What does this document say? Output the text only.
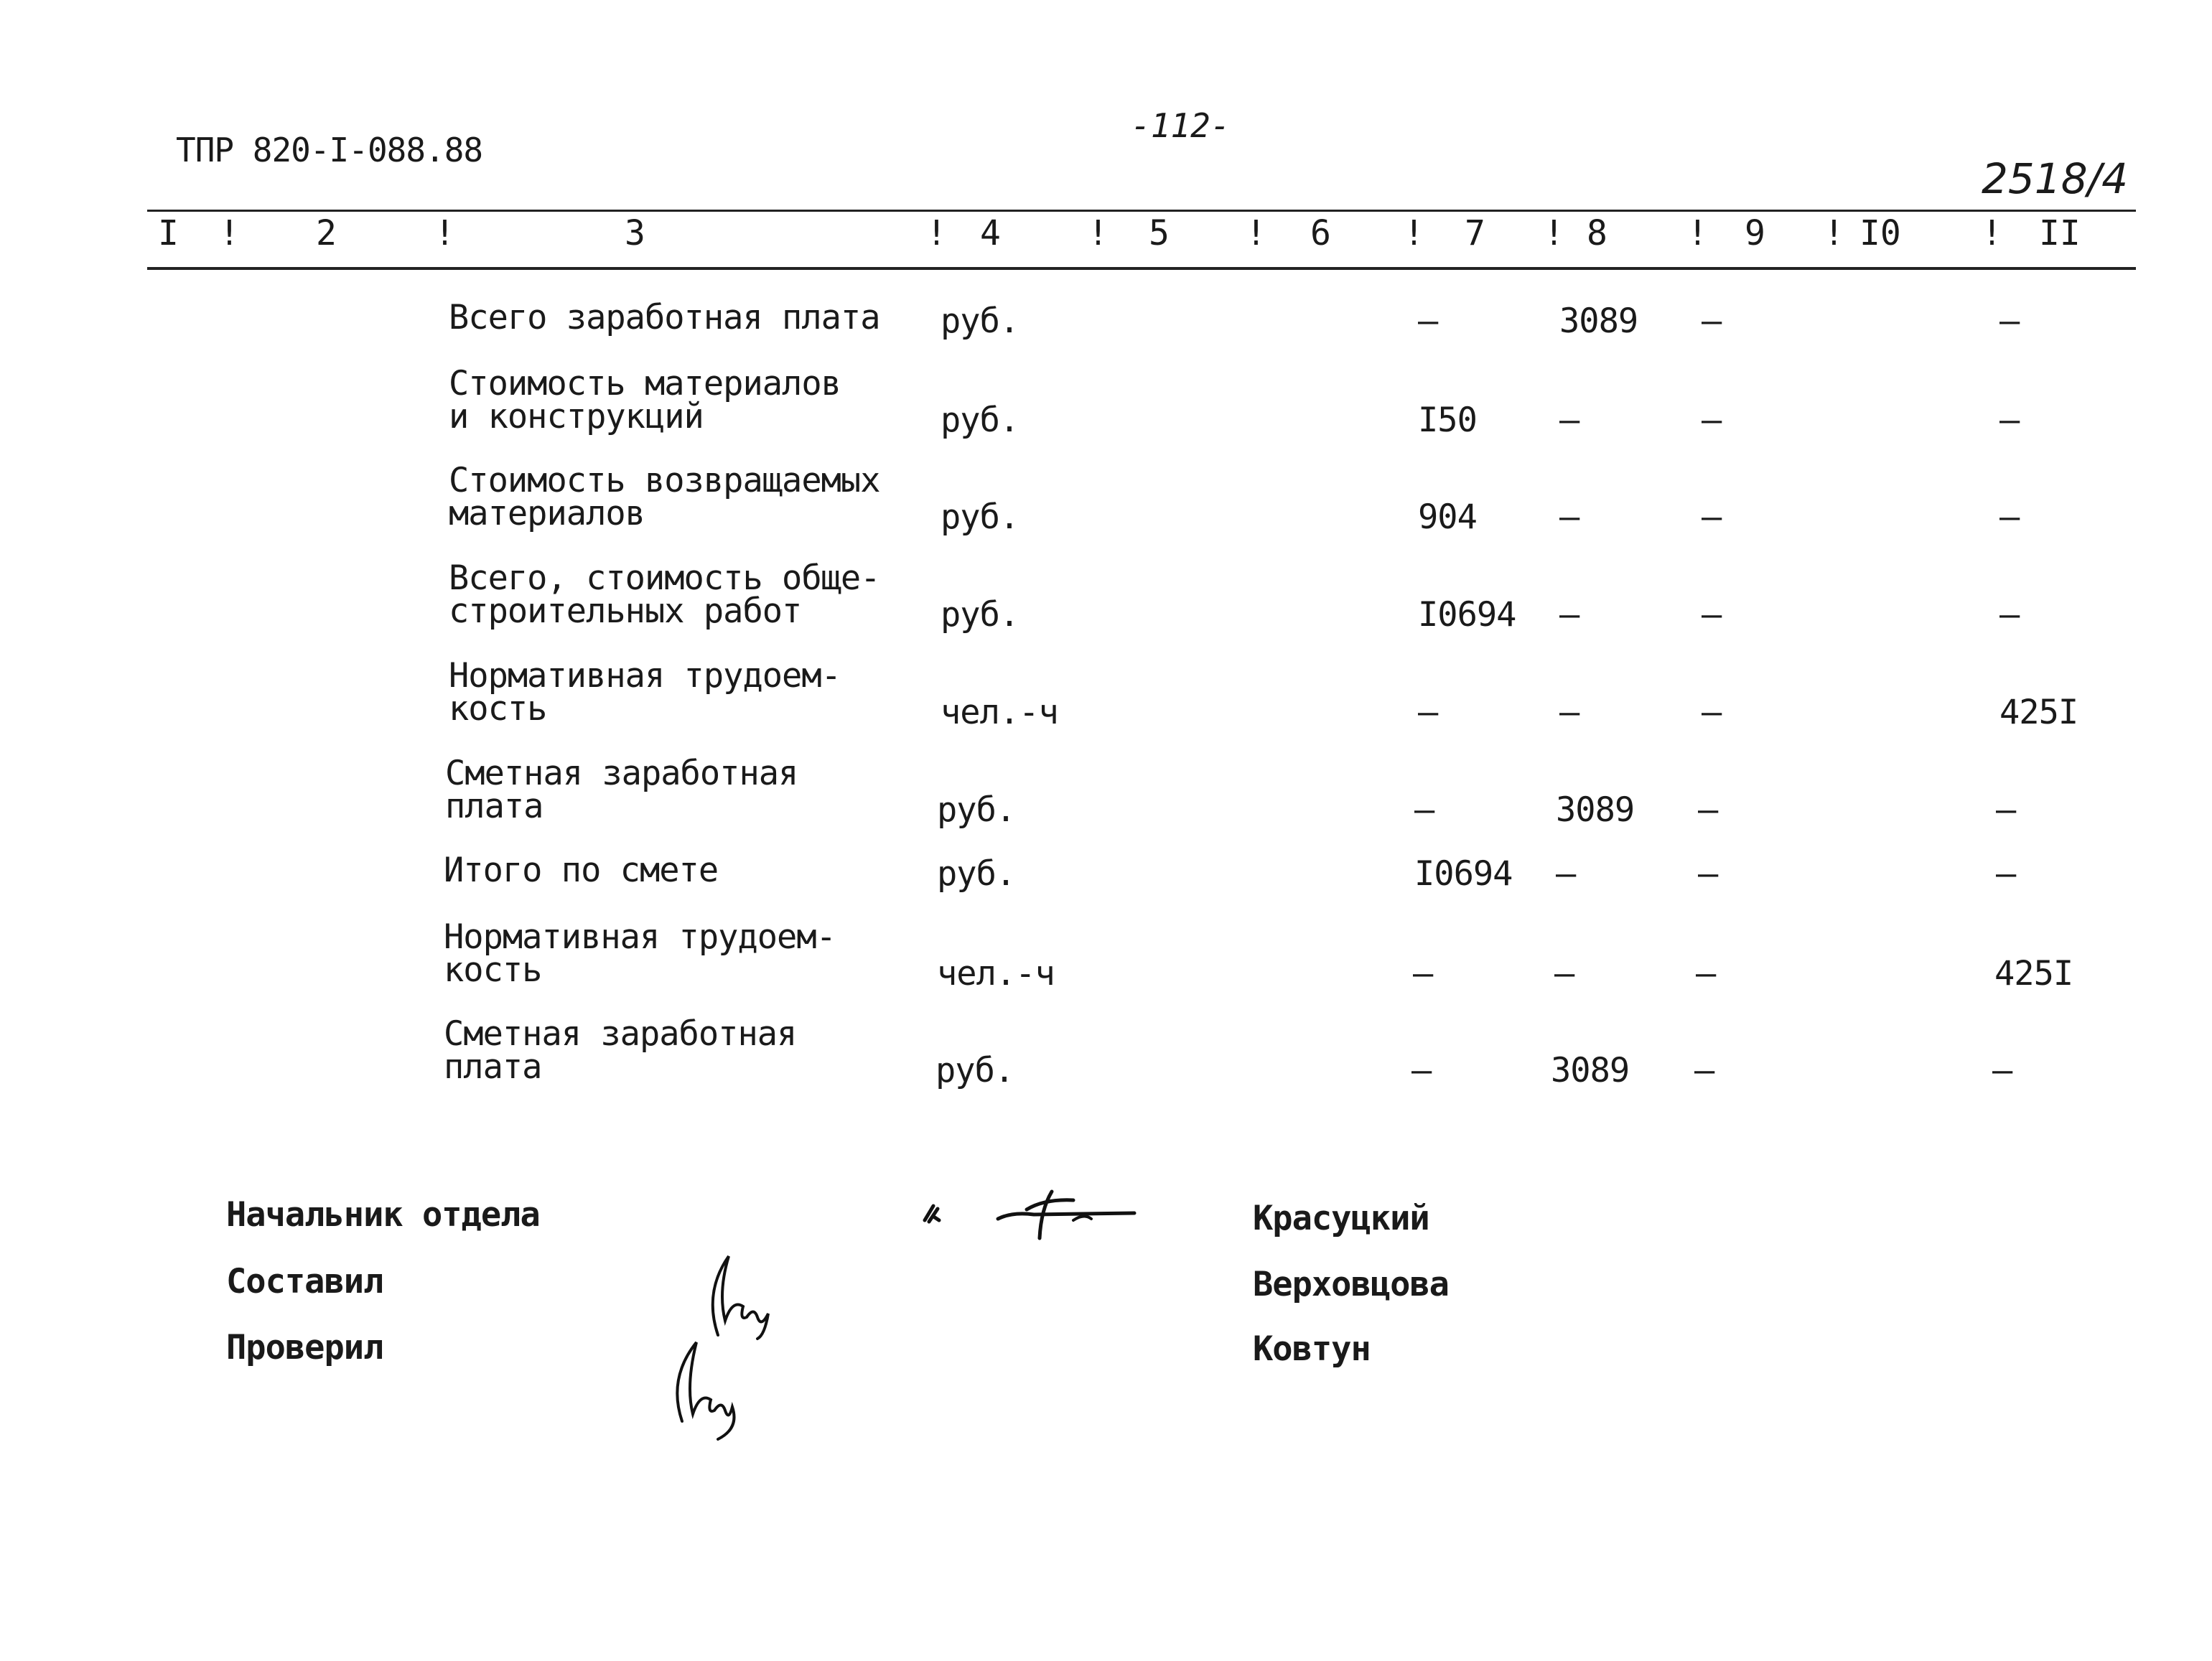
ТПР 820-I-088.88
-112-
2518/4
I ! 2	!	3	! 4	! 5 ! 6 ! 7 ! 8 ! 9 ! I0 ! II
Всего заработная плата руб.	–	3089 –	–
Стоимость материалов
и конструкций	руб.	I50 –	–	–
Стоимость возвращаемых
материалов	руб.	904 –	–	–
Всего, стоимость обще-
строительных работ	руб.	I0694 –	–	–
Нормативная трудоем-
кость	чел.-ч	–	–	–	425I
Сметная заработная
плата	руб.	–	3089 –	–
Итого по смете	руб.	I0694 –	–	–
Нормативная трудоем-
кость	чел.-ч	–	–	–	425I
Сметная заработная
плата	руб.	–	3089 –	–
Начальник отдела	Красуцкий
Составил	Верховцова
Проверил	Ковтун
